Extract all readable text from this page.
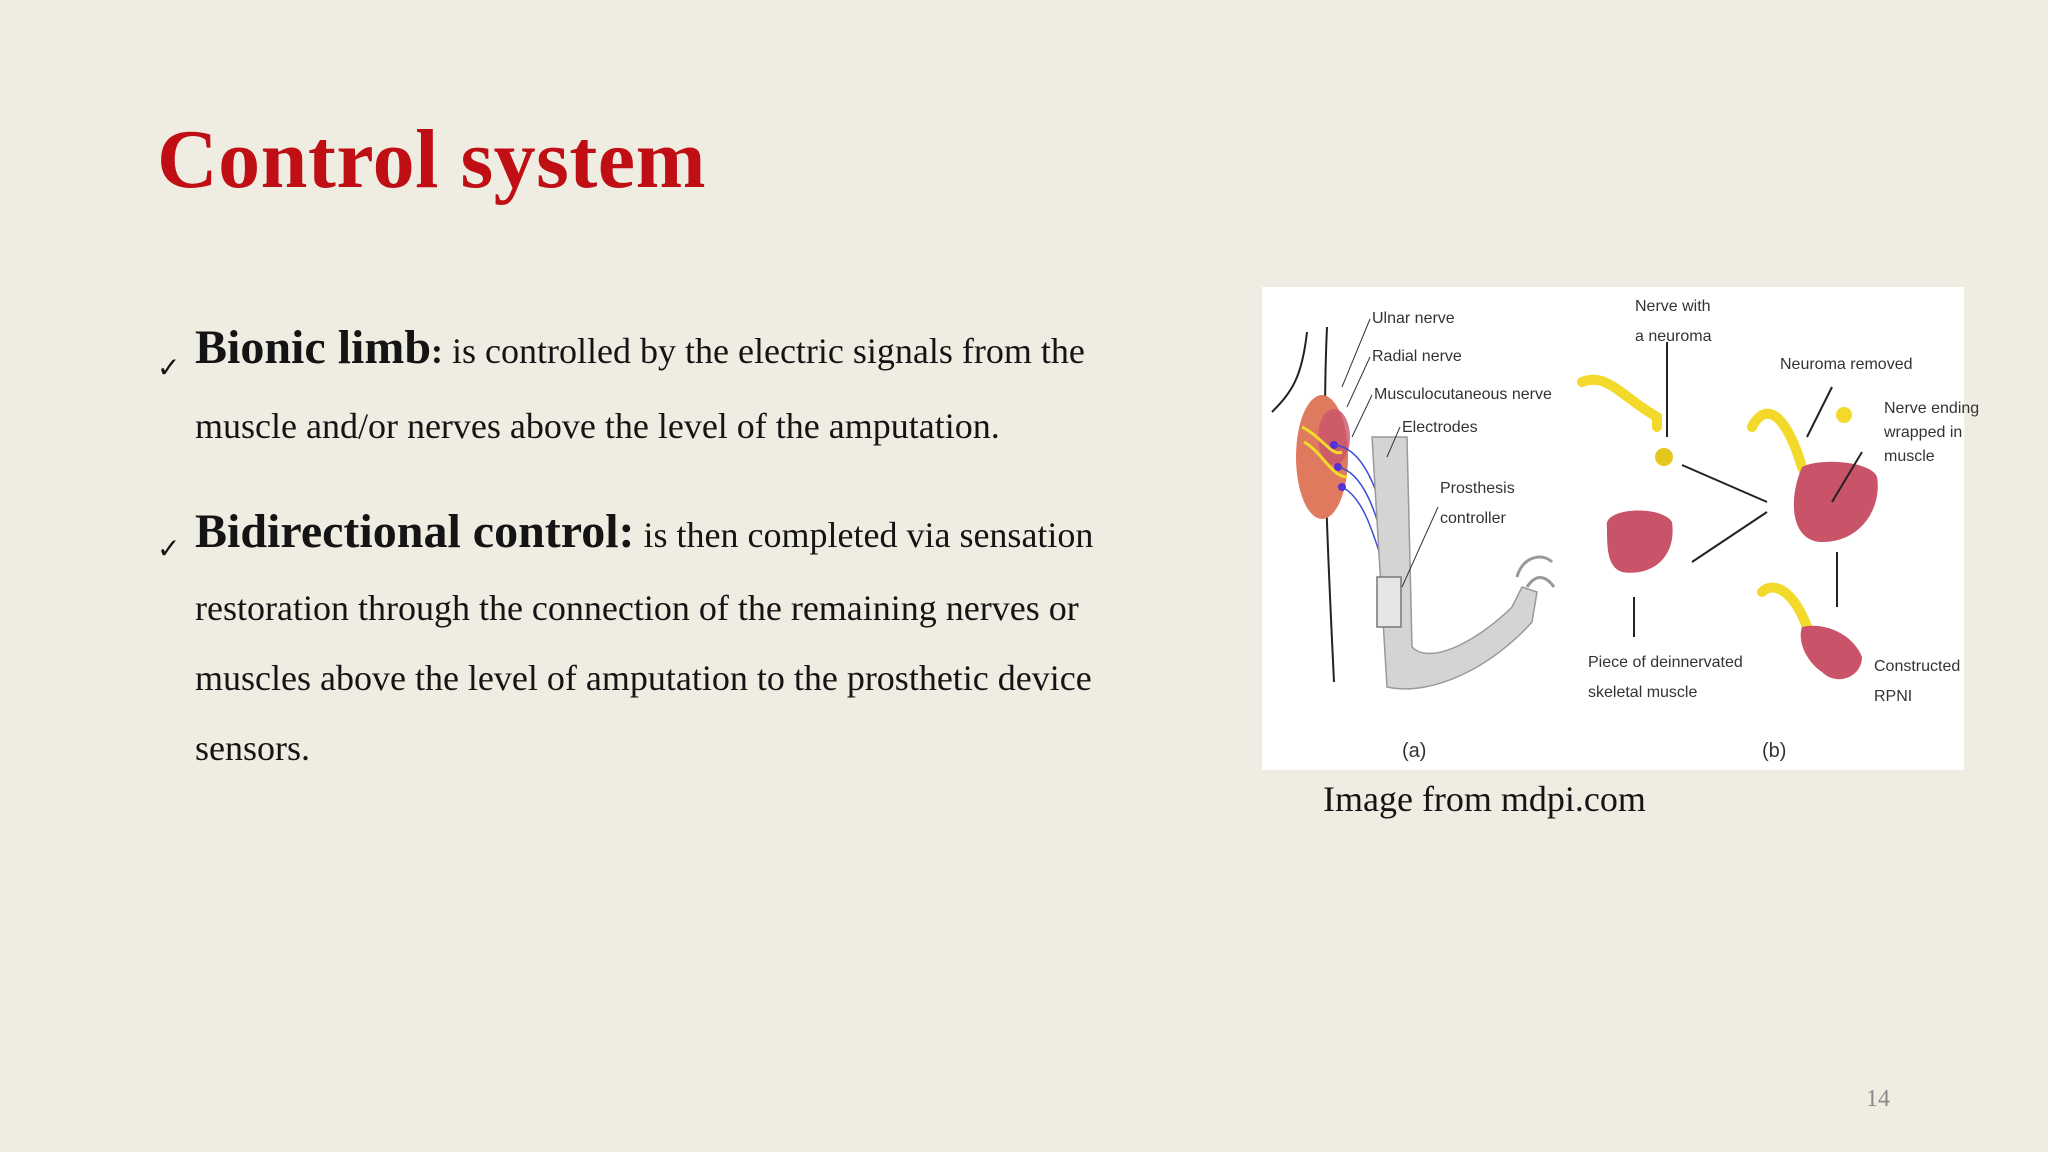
Control system
✓ Bionic limb: is controlled by the electric signals from the

muscle and/or nerves above the level of the amputation.

✓ Bidirectional control: is then completed via sensation

restoration through the connection of the remaining nerves or

muscles above the level of amputation to the prosthetic device

sensors.

Ulnar nerve
Radial nerve
Musculocutaneous nerve
Electrodes
Prosthesis
controller
Nerve with
a neuroma
Neuroma removed
Nerve ending
wrapped in
muscle
Piece of deinnervated
skeletal muscle
Constructed
RPNI
(a)	(b)

Image from mdpi.com

14
